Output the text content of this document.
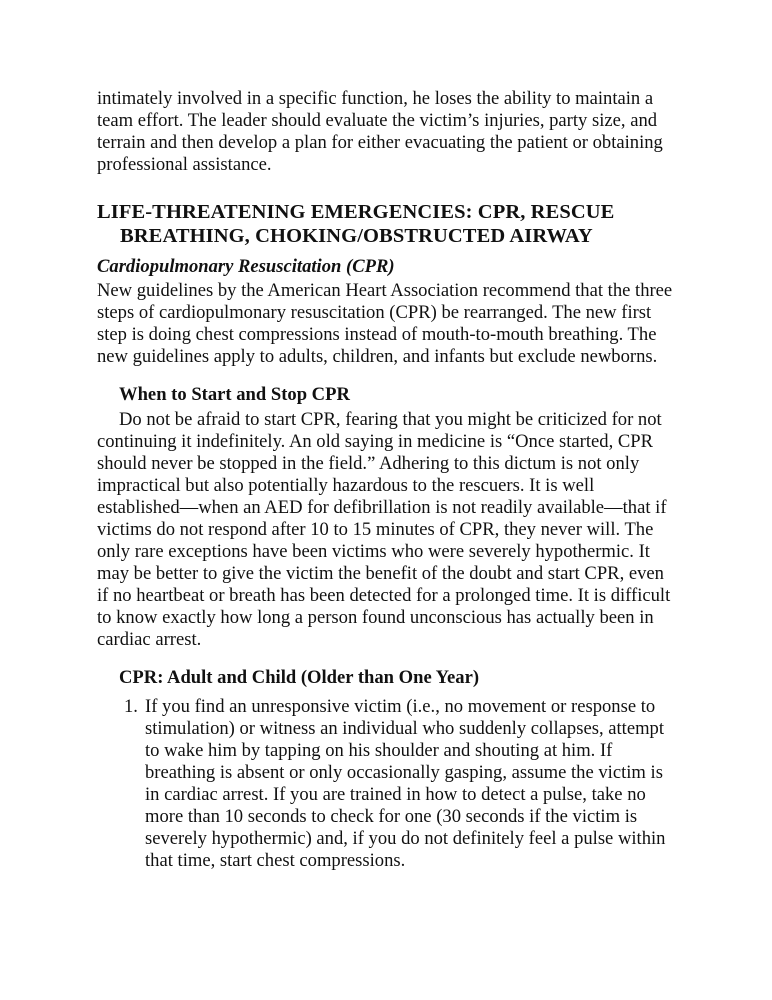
intimately involved in a specific function, he loses the ability to maintain a team effort. The leader should evaluate the victim’s injuries, party size, and terrain and then develop a plan for either evacuating the patient or obtaining professional assistance.

LIFE-THREATENING EMERGENCIES: CPR, RESCUE BREATHING, CHOKING/OBSTRUCTED AIRWAY
Cardiopulmonary Resuscitation (CPR)

New guidelines by the American Heart Association recommend that the three steps of cardiopulmonary resuscitation (CPR) be rearranged. The new first step is doing chest compressions instead of mouth-to-mouth breathing. The new guidelines apply to adults, children, and infants but exclude newborns.

When to Start and Stop CPR

Do not be afraid to start CPR, fearing that you might be criticized for not continuing it indefinitely. An old saying in medicine is “Once started, CPR should never be stopped in the field.” Adhering to this dictum is not only impractical but also potentially hazardous to the rescuers. It is well established—when an AED for defibrillation is not readily available—that if victims do not respond after 10 to 15 minutes of CPR, they never will. The only rare exceptions have been victims who were severely hypothermic. It may be better to give the victim the benefit of the doubt and start CPR, even if no heartbeat or breath has been detected for a prolonged time. It is difficult to know exactly how long a person found unconscious has actually been in cardiac arrest.

CPR: Adult and Child (Older than One Year)
1. If you find an unresponsive victim (i.e., no movement or response to stimulation) or witness an individual who suddenly collapses, attempt to wake him by tapping on his shoulder and shouting at him. If breathing is absent or only occasionally gasping, assume the victim is in cardiac arrest. If you are trained in how to detect a pulse, take no more than 10 seconds to check for one (30 seconds if the victim is severely hypothermic) and, if you do not definitely feel a pulse within that time, start chest compressions.
